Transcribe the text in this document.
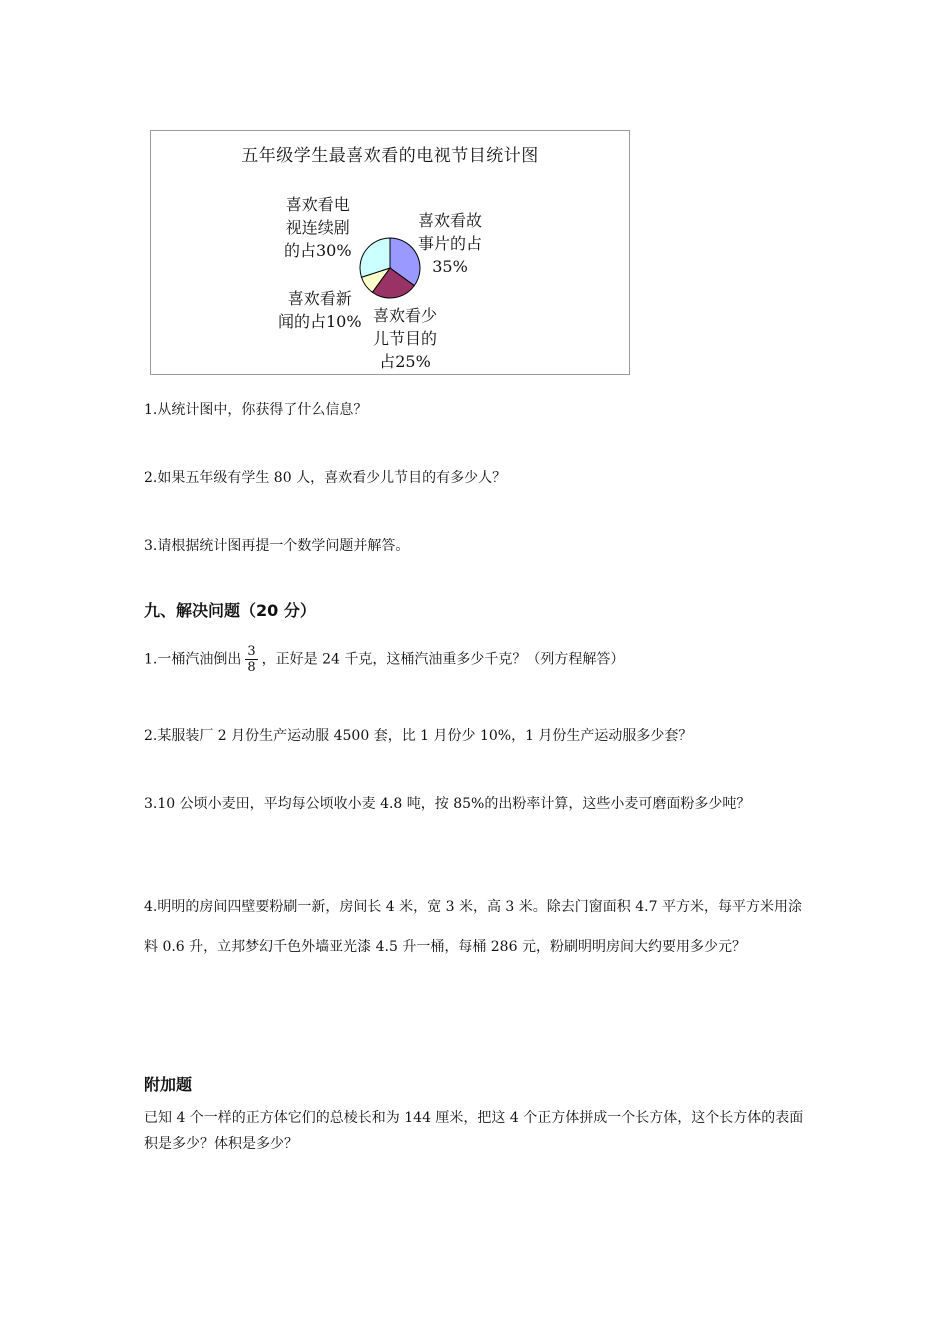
五年级学生最喜欢看的电视节目统计图
喜欢看故
事片的占
35%
喜欢看少
儿节目的
占25%
喜欢看新
闻的占10%
喜欢看电
视连续剧
的占30%
1.从统计图中，你获得了什么信息？
2.如果五年级有学生 80 人，喜欢看少儿节目的有多少人？
3.请根据统计图再提一个数学问题并解答。
九、解决问题（20 分）
1.一桶汽油倒出 $\frac{3}{8}$ ，正好是 24 千克，这桶汽油重多少千克？（列方程解答）
2.某服装厂 2 月份生产运动服 4500 套，比 1 月份少 10%，1 月份生产运动服多少套？
3.10 公顷小麦田，平均每公顷收小麦 4.8 吨，按 85%的出粉率计算，这些小麦可磨面粉多少吨？
4.明明的房间四壁要粉刷一新，房间长 4 米，宽 3 米，高 3 米。除去门窗面积 4.7 平方米，每平方米用涂料 0.6 升，立邦梦幻千色外墙亚光漆 4.5 升一桶，每桶 286 元，粉刷明明房间大约要用多少元？
附加题
已知 4 个一样的正方体它们的总棱长和为 144 厘米，把这 4 个正方体拼成一个长方体，这个长方体的表面积是多少？体积是多少？
